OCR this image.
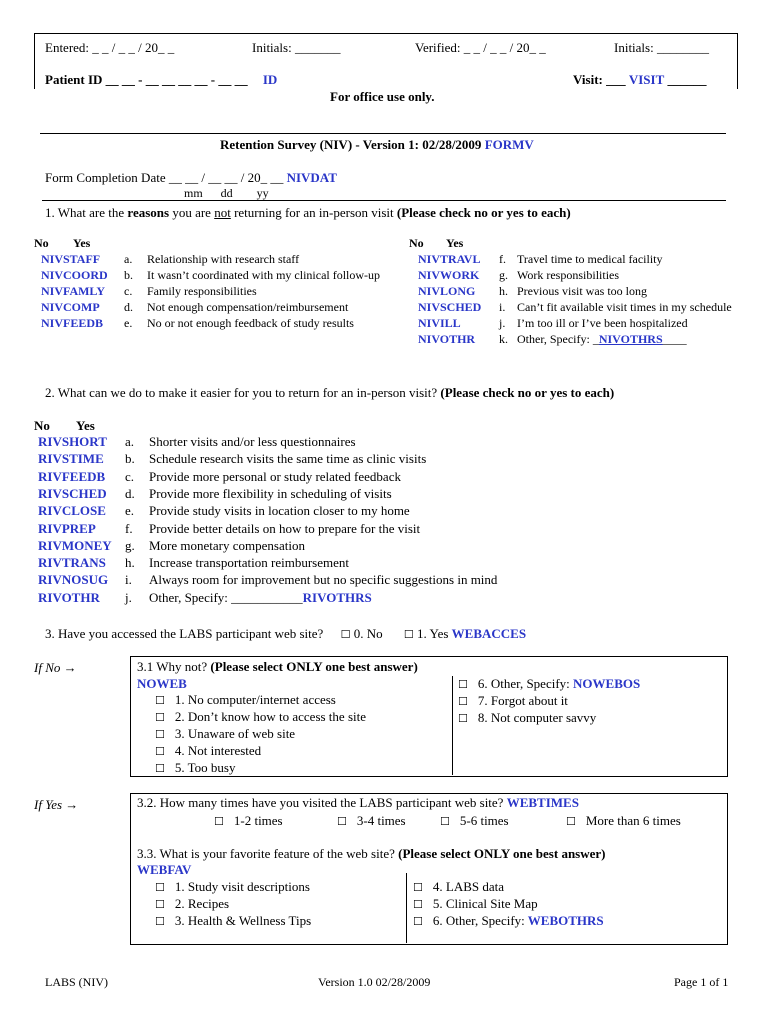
Entered: _ _ / _ _ / 20_ _	Initials: _______	Verified: _ _ / _ _ / 20_ _	Initials: ________
Patient ID __ __ - __ __ __ __ - __ __ ID	Visit: ___ VISIT ______
For office use only.
Retention Survey (NIV) - Version 1: 02/28/2009 FORMV
Form Completion Date __ __ / __ __ / 20_ __ NIVDAT
mm      dd        yy
1. What are the reasons you are not returning for an in-person visit (Please check no or yes to each)
No Yes	No Yes
NIVSTAFF a. Relationship with research staff
NIVCOORD b. It wasn’t coordinated with my clinical follow-up
NIVFAMLY c. Family responsibilities
NIVCOMP d. Not enough compensation/reimbursement
NIVFEEDB e. No or not enough feedback of study results
NIVTRAVL f. Travel time to medical facility
NIVWORK g. Work responsibilities
NIVLONG h. Previous visit was too long
NIVSCHED i. Can’t fit available visit times in my schedule
NIVILL	j. I’m too ill or I’ve been hospitalized
NIVOTHR k. Other, Specify: _NIVOTHRS____
2. What can we do to make it easier for you to return for an in-person visit? (Please check no or yes to each)
No Yes
RIVSHORT a. Shorter visits and/or less questionnaires
RIVSTIME b. Schedule research visits the same time as clinic visits
RIVFEEDB c. Provide more personal or study related feedback
RIVSCHED d. Provide more flexibility in scheduling of visits
RIVCLOSE e. Provide study visits in location closer to my home
RIVPREP f. Provide better details on how to prepare for the visit
RIVMONEY g. More monetary compensation
RIVTRANS h. Increase transportation reimbursement
RIVNOSUG i. Always room for improvement but no specific suggestions in mind
RIVOTHR j. Other, Specify: ___________RIVOTHRS
3. Have you accessed the LABS participant web site? ☐ 0. No ☐ 1. Yes WEBACCES
If No →	3.1 Why not? (Please select ONLY one best answer)
NOWEB
☐ 1. No computer/internet access
☐ 2. Don’t know how to access the site
☐ 3. Unaware of web site
☐ 4. Not interested
☐ 5. Too busy
☐ 6. Other, Specify: NOWEBOS
☐ 7. Forgot about it
☐ 8. Not computer savvy
If Yes →	3.2. How many times have you visited the LABS participant web site? WEBTIMES
☐ 1-2 times	☐ 3-4 times	☐ 5-6 times	☐ More than 6 times
3.3. What is your favorite feature of the web site? (Please select ONLY one best answer)
WEBFAV
☐ 1. Study visit descriptions
☐ 2. Recipes
☐ 3. Health & Wellness Tips
☐ 4. LABS data
☐ 5. Clinical Site Map
☐ 6. Other, Specify: WEBOTHRS
LABS (NIV)	Version 1.0 02/28/2009	Page 1 of 1
